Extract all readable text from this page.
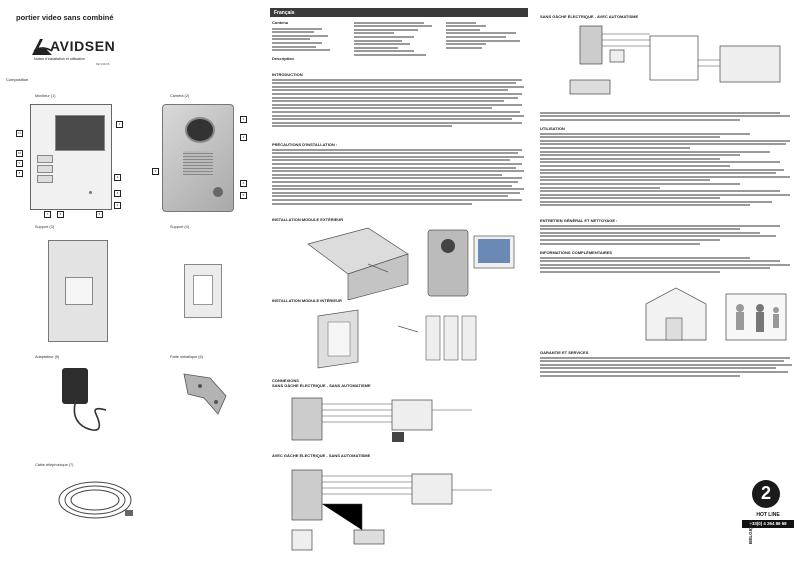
portier video sans combiné
AVIDSEN
Notice d'installation et utilisation
Réf:102215
Composition
Moniteur (1)
1
11
10
9
8
3
4
2
7	6	5
Caméra (2)
1
2
3
4
5
Support (3)	Support (4)
Adaptateur (5)	Patte métallique (6)
Câble téléphonique (7)
Français
Contenu
Description
INTRODUCTION
PRÉCAUTIONS D'INSTALLATION :
INSTALLATION MODULE EXTÉRIEUR
INSTALLATION MODULE INTÉRIEUR
CONNEXIONS
SANS GÂCHE ÉLECTRIQUE - SANS AUTOMATISME
AVEC GÂCHE ÉLECTRIQUE - SANS AUTOMATISME
SANS GÂCHE ÉLECTRIQUE - AVEC AUTOMATISME
UTILISATION
ENTRETIEN GÉNÉRAL ET NETTOYAGE :
INFORMATIONS COMPLÉMENTAIRES
GARANTIE ET SERVICES
2
HOT LINE
+33(0) 4 264 86 68
BELGIQUE
